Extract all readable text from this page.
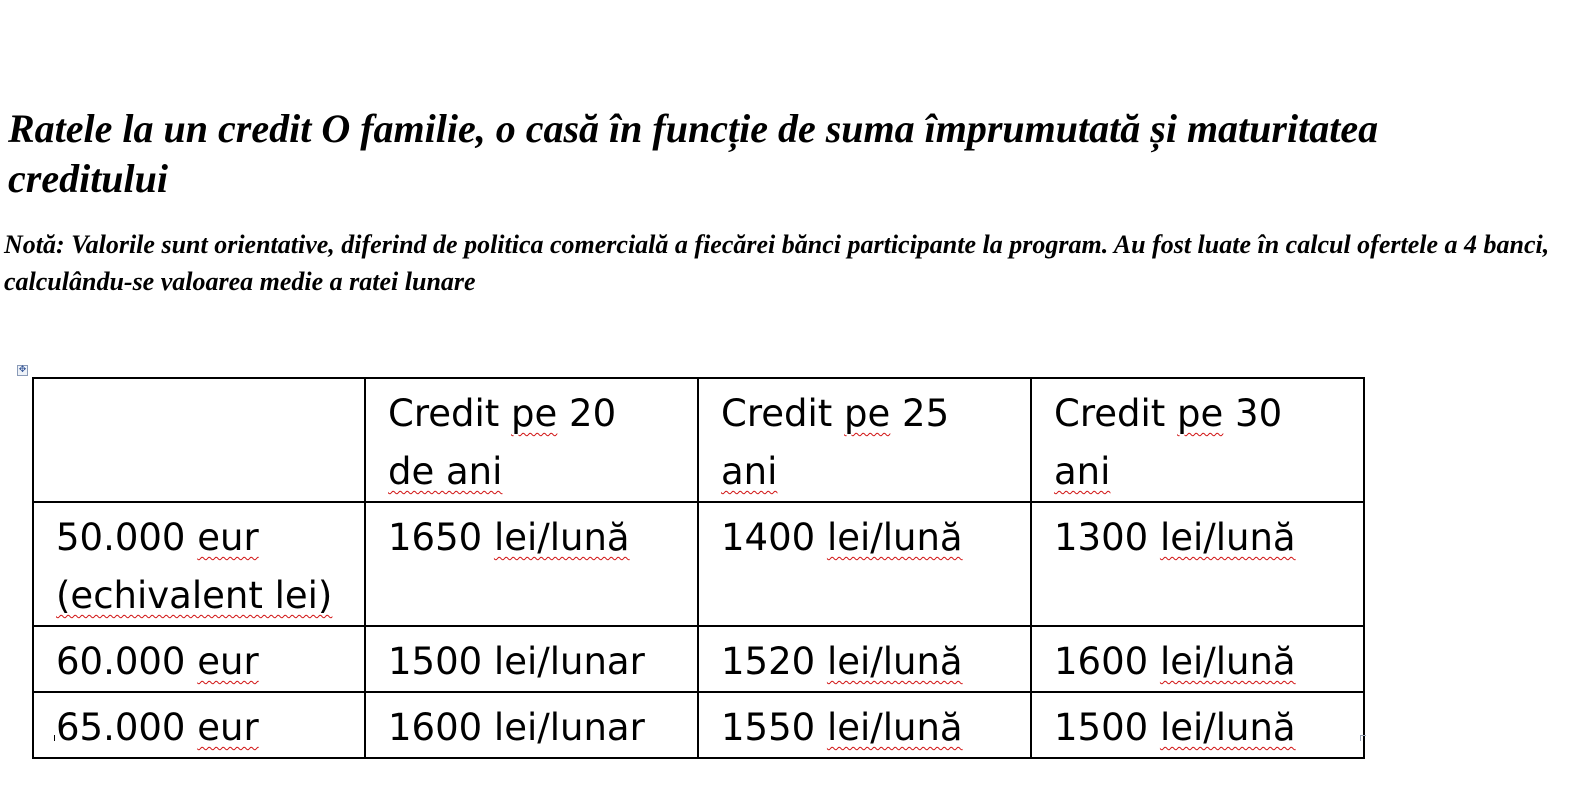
Ratele la un credit O familie, o casă în funcție de suma împrumutată și maturitatea creditului

Notă: Valorile sunt orientative, diferind de politica comercială a fiecărei bănci participante la program. Au fost luate în calcul ofertele a 4 banci, calculându-se valoarea medie a ratei lunare

✥
	Credit pe 20
de ani	Credit pe 25
ani	Credit pe 30
ani
50.000 eur
(echivalent lei)	1650 lei/lună	1400 lei/lună	1300 lei/lună
60.000 eur	1500 lei/lunar	1520 lei/lună	1600 lei/lună
65.000 eur	1600 lei/lunar	1550 lei/lună	1500 lei/lună
